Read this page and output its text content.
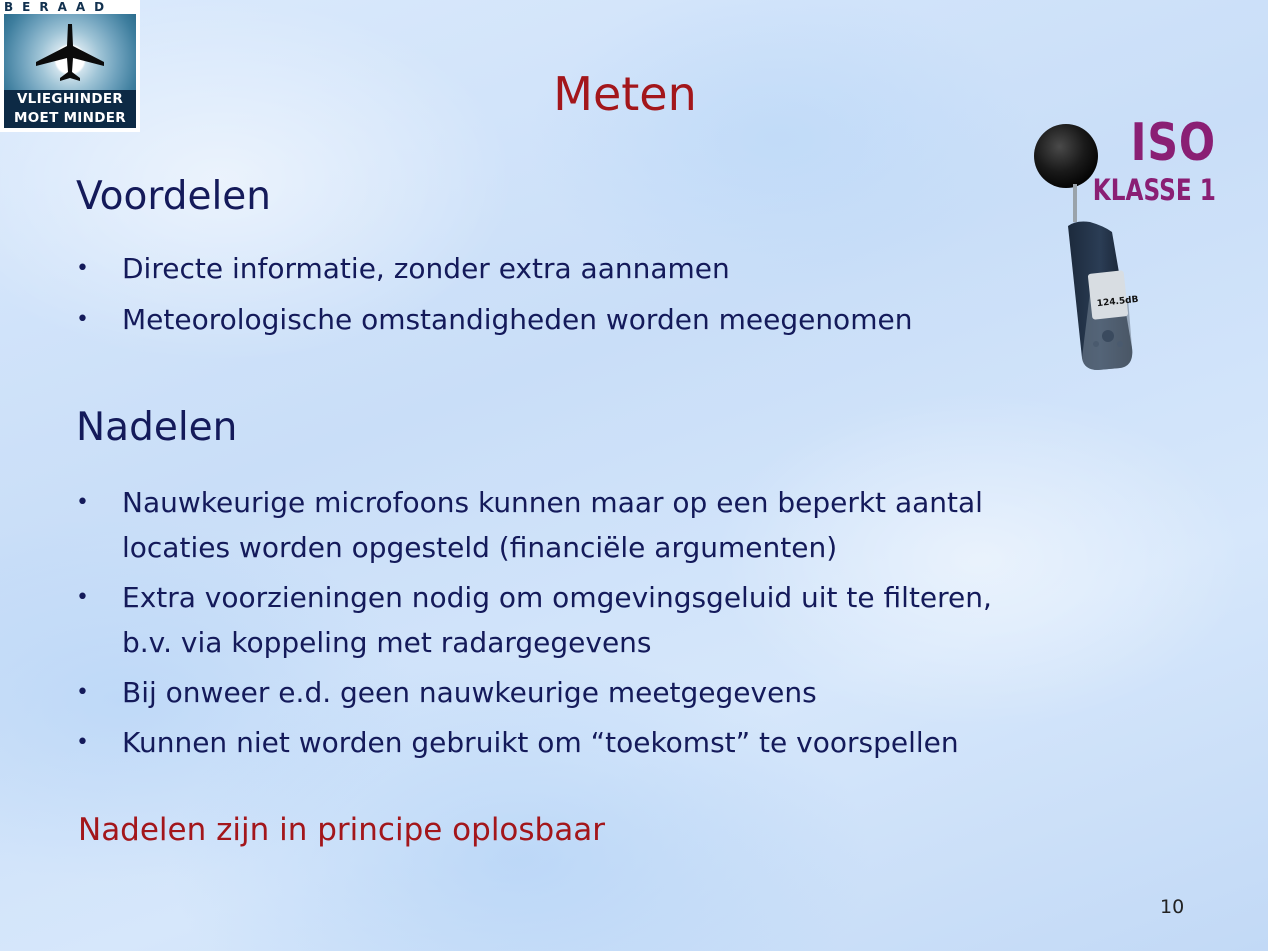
BERAAD
VLIEGHINDER
MOET MINDER	Meten
ISO
KLASSE 1
124.5dB
Voordelen
• Directe informatie, zonder extra aannamen
• Meteorologische omstandigheden worden meegenomen
Nadelen
• Nauwkeurige microfoons kunnen maar op een beperkt aantal
locaties worden opgesteld (financiële argumenten)
• Extra voorzieningen nodig om omgevingsgeluid uit te filteren,
b.v. via koppeling met radargegevens
• Bij onweer e.d. geen nauwkeurige meetgegevens
• Kunnen niet worden gebruikt om “toekomst” te voorspellen
Nadelen zijn in principe oplosbaar
10
